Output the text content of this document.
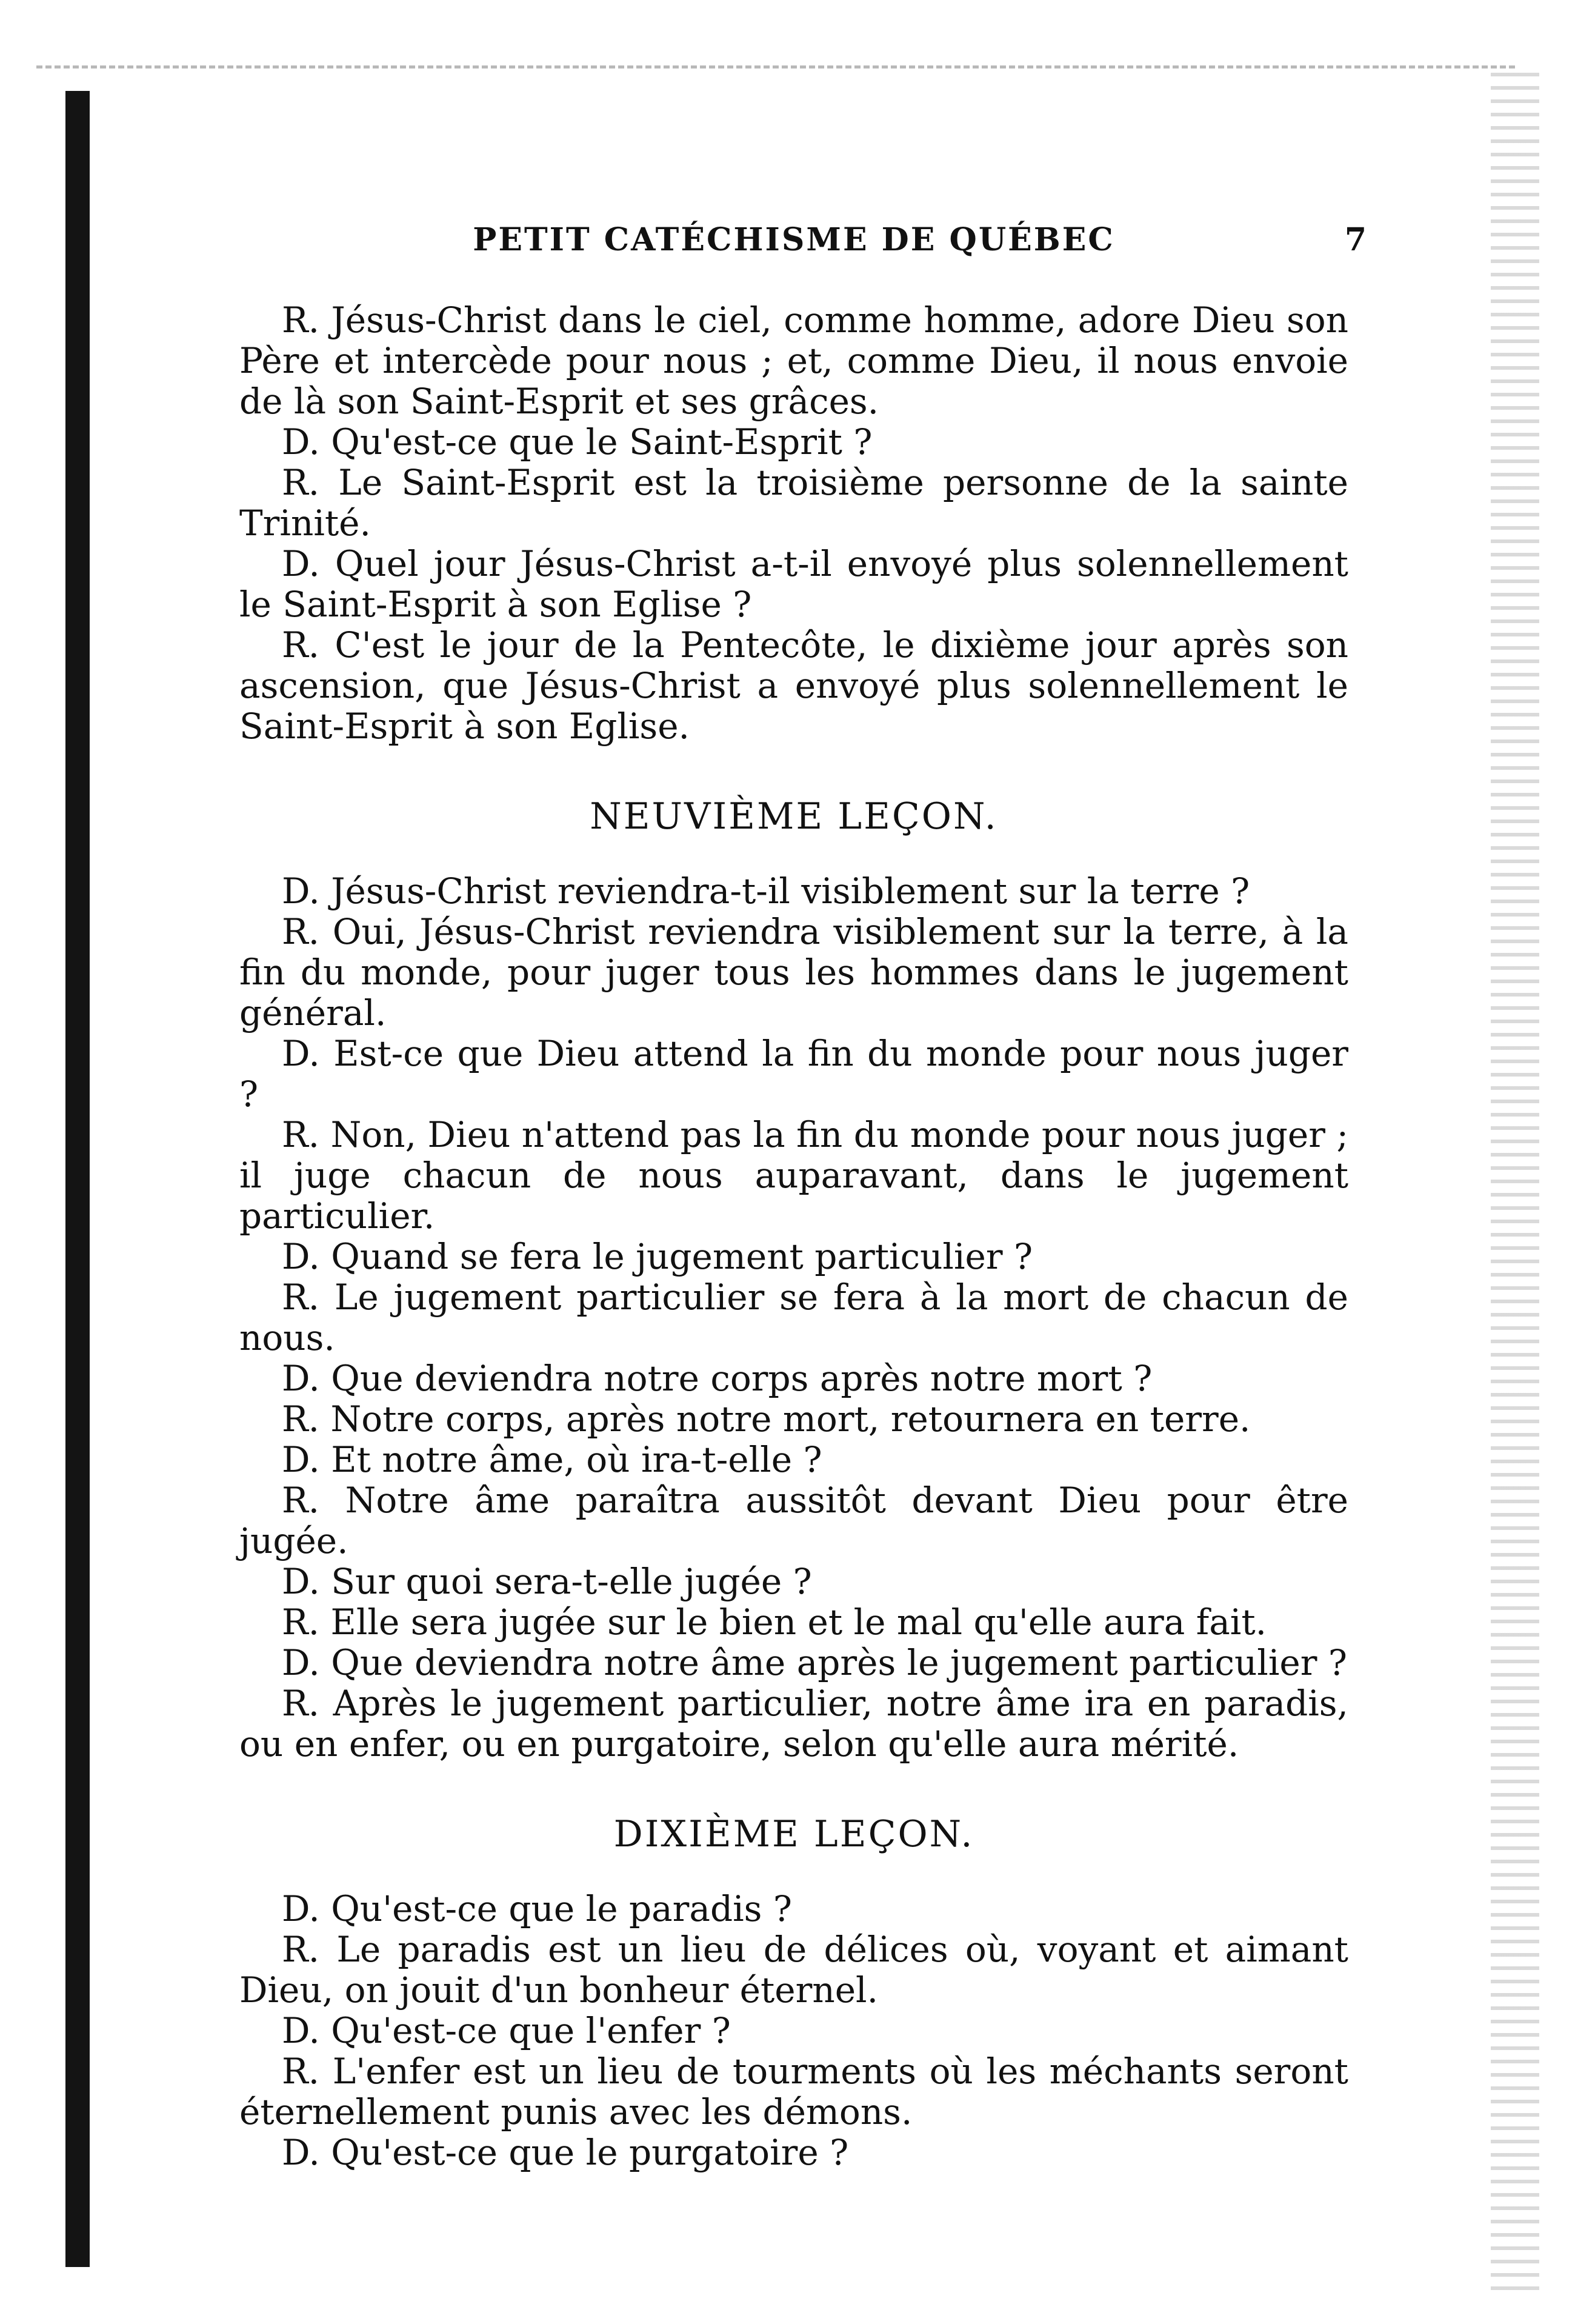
PETIT CATÉCHISME DE QUÉBEC	7

R. Jésus-Christ dans le ciel, comme homme, adore Dieu son Père et intercède pour nous ; et, comme Dieu, il nous envoie de là son Saint-Esprit et ses grâces.

D. Qu'est-ce que le Saint-Esprit ?

R. Le Saint-Esprit est la troisième personne de la sainte Trinité.

D. Quel jour Jésus-Christ a-t-il envoyé plus solennellement le Saint-Esprit à son Eglise ?

R. C'est le jour de la Pentecôte, le dixième jour après son ascension, que Jésus-Christ a envoyé plus solennellement le Saint-Esprit à son Eglise.

NEUVIÈME LEÇON.

D. Jésus-Christ reviendra-t-il visiblement sur la terre ?

R. Oui, Jésus-Christ reviendra visiblement sur la terre, à la fin du monde, pour juger tous les hommes dans le jugement général.

D. Est-ce que Dieu attend la fin du monde pour nous juger ?

R. Non, Dieu n'attend pas la fin du monde pour nous juger ; il juge chacun de nous auparavant, dans le jugement particulier.

D. Quand se fera le jugement particulier ?

R. Le jugement particulier se fera à la mort de chacun de nous.

D. Que deviendra notre corps après notre mort ?

R. Notre corps, après notre mort, retournera en terre.

D. Et notre âme, où ira-t-elle ?

R. Notre âme paraîtra aussitôt devant Dieu pour être jugée.

D. Sur quoi sera-t-elle jugée ?

R. Elle sera jugée sur le bien et le mal qu'elle aura fait.

D. Que deviendra notre âme après le jugement particulier ?

R. Après le jugement particulier, notre âme ira en paradis, ou en enfer, ou en purgatoire, selon qu'elle aura mérité.

DIXIÈME LEÇON.

D. Qu'est-ce que le paradis ?

R. Le paradis est un lieu de délices où, voyant et aimant Dieu, on jouit d'un bonheur éternel.

D. Qu'est-ce que l'enfer ?

R. L'enfer est un lieu de tourments où les méchants seront éternellement punis avec les démons.

D. Qu'est-ce que le purgatoire ?
